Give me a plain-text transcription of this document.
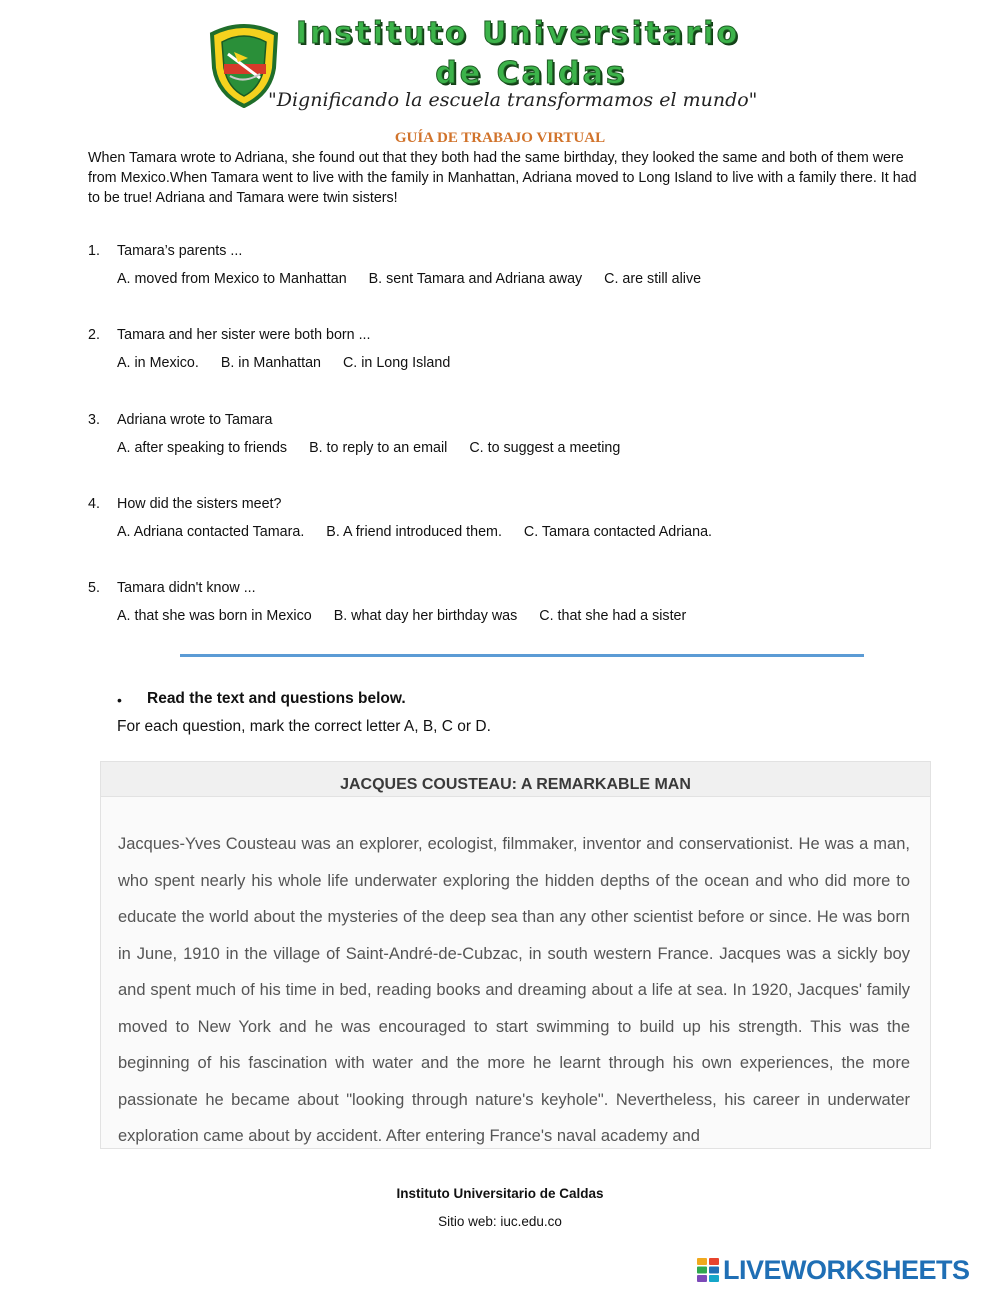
Instituto Universitario
de Caldas
"Dignificando la escuela transformamos el mundo"
GUÍA DE TRABAJO VIRTUAL
When Tamara wrote to Adriana, she found out that they both had the same birthday, they looked the same and both of them were from Mexico.When Tamara went to live with the family in Manhattan, Adriana moved to Long Island to live with a family there. It had to be true! Adriana and Tamara were twin sisters!
1. Tamara’s parents ...
A. moved from Mexico to Manhattan B. sent Tamara and Adriana away C. are still alive
2. Tamara and her sister were both born ...
A. in Mexico. B. in Manhattan C. in Long Island
3. Adriana wrote to Tamara
A. after speaking to friends B. to reply to an email C. to suggest a meeting
4. How did the sisters meet?
A. Adriana contacted Tamara. B. A friend introduced them. C. Tamara contacted Adriana.
5. Tamara didn't know ...
A. that she was born in Mexico B. what day her birthday was C. that she had a sister
• Read the text and questions below.
For each question, mark the correct letter A, B, C or D.
JACQUES COUSTEAU: A REMARKABLE MAN
Jacques-Yves Cousteau was an explorer, ecologist, filmmaker, inventor and conservationist. He was a man, who spent nearly his whole life underwater exploring the hidden depths of the ocean and who did more to educate the world about the mysteries of the deep sea than any other scientist before or since. He was born in June, 1910 in the village of Saint-André-de-Cubzac, in south western France. Jacques was a sickly boy and spent much of his time in bed, reading books and dreaming about a life at sea. In 1920, Jacques' family moved to New York and he was encouraged to start swimming to build up his strength. This was the beginning of his fascination with water and the more he learnt through his own experiences, the more passionate he became about "looking through nature's keyhole". Nevertheless, his career in underwater exploration came about by accident. After entering France's naval academy and
Instituto Universitario de Caldas
Sitio web: iuc.edu.co
LIVEWORKSHEETS
